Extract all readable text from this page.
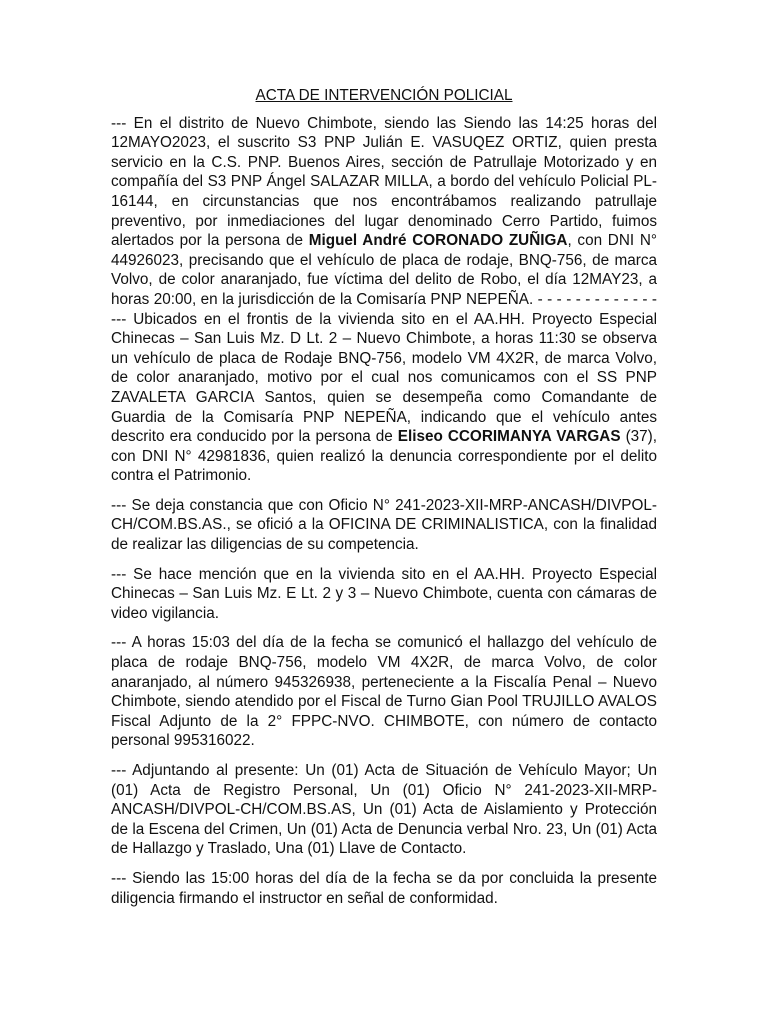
ACTA DE INTERVENCIÓN POLICIAL

--- En el distrito de Nuevo Chimbote, siendo las Siendo las 14:25 horas del 12MAYO2023, el suscrito S3 PNP Julián E. VASUQEZ ORTIZ, quien presta servicio en la C.S. PNP. Buenos Aires, sección de Patrullaje Motorizado y en compañía del S3 PNP Ángel SALAZAR MILLA, a bordo del vehículo Policial PL-16144, en circunstancias que nos encontrábamos realizando patrullaje preventivo, por inmediaciones del lugar denominado Cerro Partido, fuimos alertados por la persona de Miguel André CORONADO ZUÑIGA, con DNI N° 44926023, precisando que el vehículo de placa de rodaje, BNQ-756, de marca Volvo, de color anaranjado, fue víctima del delito de Robo, el día 12MAY23, a horas 20:00, en la jurisdicción de la Comisaría PNP NEPEÑA. - - - - - - - - - - - - - --- Ubicados en el frontis de la vivienda sito en el AA.HH. Proyecto Especial Chinecas – San Luis Mz. D Lt. 2 – Nuevo Chimbote, a horas 11:30 se observa un vehículo de placa de Rodaje BNQ-756, modelo VM 4X2R, de marca Volvo, de color anaranjado, motivo por el cual nos comunicamos con el SS PNP ZAVALETA GARCIA Santos, quien se desempeña como Comandante de Guardia de la Comisaría PNP NEPEÑA, indicando que el vehículo antes descrito era conducido por la persona de Eliseo CCORIMANYA VARGAS (37), con DNI N° 42981836, quien realizó la denuncia correspondiente por el delito contra el Patrimonio.

--- Se deja constancia que con Oficio N° 241-2023-XII-MRP-ANCASH/DIVPOL-CH/COM.BS.AS., se ofició a la OFICINA DE CRIMINALISTICA, con la finalidad de realizar las diligencias de su competencia.

--- Se hace mención que en la vivienda sito en el AA.HH. Proyecto Especial Chinecas – San Luis Mz. E Lt. 2 y 3 – Nuevo Chimbote, cuenta con cámaras de video vigilancia.

--- A horas 15:03 del día de la fecha se comunicó el hallazgo del vehículo de placa de rodaje BNQ-756, modelo VM 4X2R, de marca Volvo, de color anaranjado, al número 945326938, perteneciente a la Fiscalía Penal – Nuevo Chimbote, siendo atendido por el Fiscal de Turno Gian Pool TRUJILLO AVALOS Fiscal Adjunto de la 2° FPPC-NVO. CHIMBOTE, con número de contacto personal 995316022.

--- Adjuntando al presente: Un (01) Acta de Situación de Vehículo Mayor; Un (01) Acta de Registro Personal, Un (01) Oficio N° 241-2023-XII-MRP-ANCASH/DIVPOL-CH/COM.BS.AS, Un (01) Acta de Aislamiento y Protección de la Escena del Crimen, Un (01) Acta de Denuncia verbal Nro. 23, Un (01) Acta de Hallazgo y Traslado, Una (01) Llave de Contacto.

--- Siendo las 15:00 horas del día de la fecha se da por concluida la presente diligencia firmando el instructor en señal de conformidad.
